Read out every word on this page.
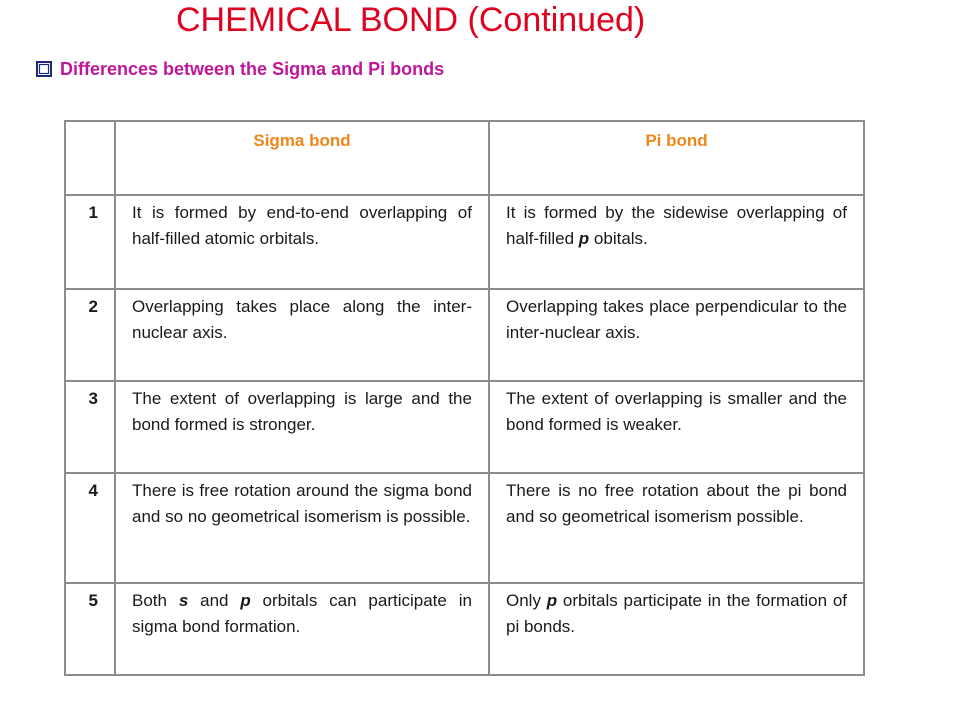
CHEMICAL BOND (Continued)
Differences between the Sigma and Pi bonds
	Sigma bond	Pi bond
1	It is formed by end-to-end overlapping of half-filled atomic orbitals.	It is formed by the sidewise overlapping of half-filled p obitals.
2	Overlapping takes place along the inter-nuclear axis.	Overlapping takes place perpendicular to the inter-nuclear axis.
3	The extent of overlapping is large and the bond formed is stronger.	The extent of overlapping is smaller and the bond formed is weaker.
4	There is free rotation around the sigma bond and so no geometrical isomerism is possible.	There is no free rotation about the pi bond and so geometrical isomerism possible.
5	Both s and p orbitals can participate in sigma bond formation.	Only p orbitals participate in the formation of pi bonds.
